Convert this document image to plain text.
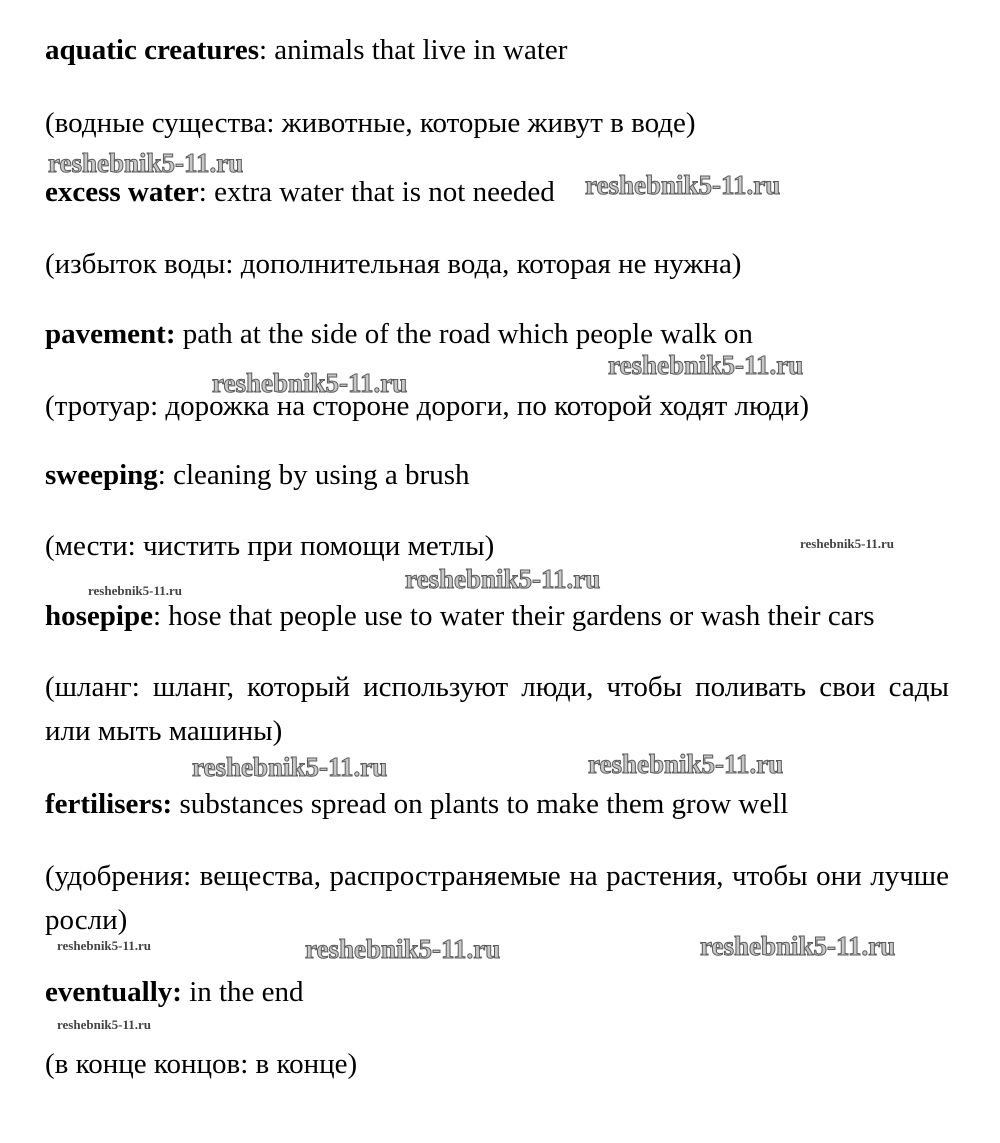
aquatic creatures: animals that live in water

(водные существа: животные, которые живут в воде)

excess water: extra water that is not needed

(избыток воды: дополнительная вода, которая не нужна)

pavement: path at the side of the road which people walk on

(тротуар: дорожка на стороне дороги, по которой ходят люди)

sweeping: cleaning by using a brush

(мести: чистить при помощи метлы)

hosepipe: hose that people use to water their gardens or wash their cars

(шланг: шланг, который используют люди, чтобы поливать свои сады или мыть машины)

fertilisers: substances spread on plants to make them grow well

(удобрения: вещества, распространяемые на растения, чтобы они лучше росли)

eventually: in the end

(в конце концов: в конце)

reshebnik5-11.ru
reshebnik5-11.ru
reshebnik5-11.ru
reshebnik5-11.ru
reshebnik5-11.ru
reshebnik5-11.ru	reshebnik5-11.ru
reshebnik5-11.ru	reshebnik5-11.ru
reshebnik5-11.ru	reshebnik5-11.ru	reshebnik5-11.ru
reshebnik5-11.ru
